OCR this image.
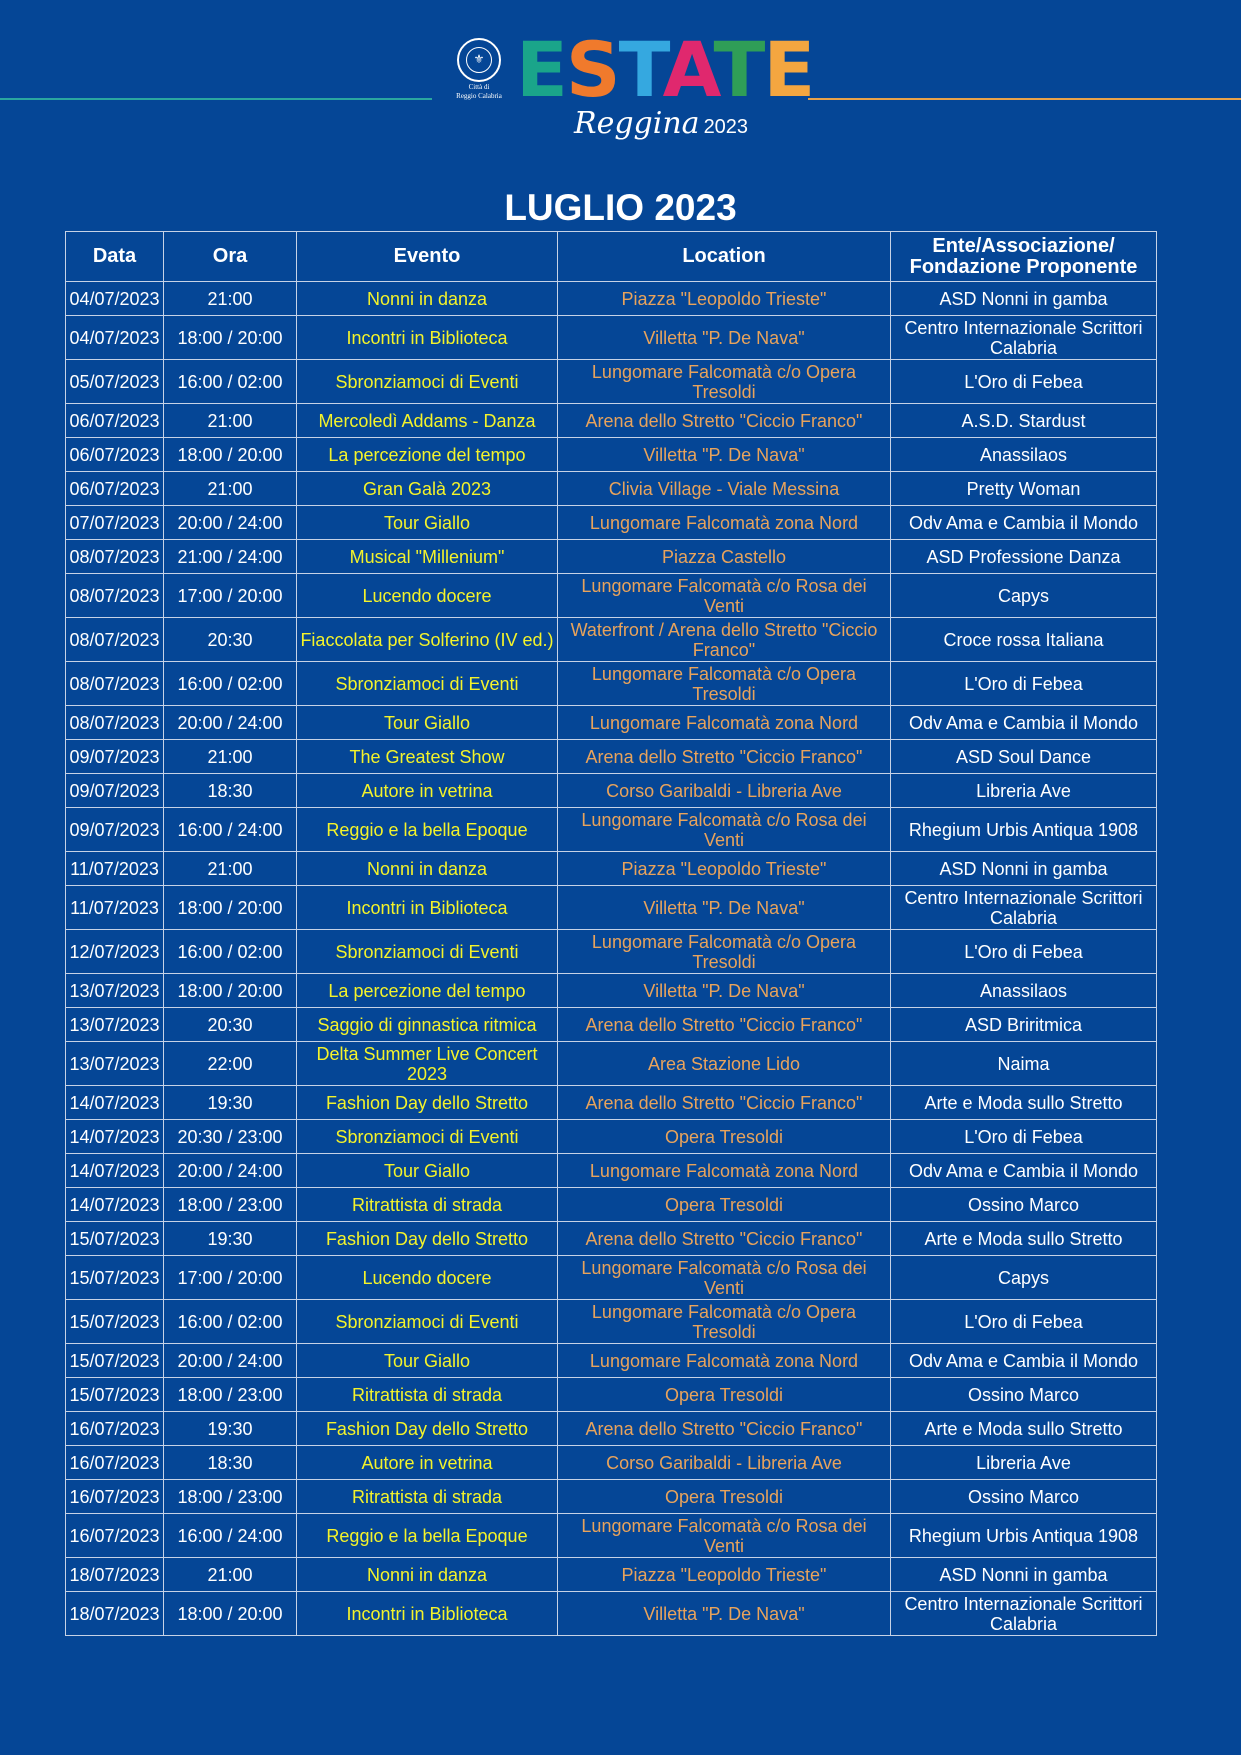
⚜
Città di
Reggio Calabria ESTATE
Reggina 2023
LUGLIO 2023
Data	Ora	Evento	Location	Ente/Associazione/ Fondazione Proponente
04/07/2023	21:00	Nonni in danza	Piazza "Leopoldo Trieste"	ASD Nonni in gamba
04/07/2023	18:00 / 20:00	Incontri in Biblioteca	Villetta "P. De Nava"	Centro Internazionale Scrittori Calabria
05/07/2023	16:00 / 02:00	Sbronziamoci di Eventi	Lungomare Falcomatà c/o Opera Tresoldi	L'Oro di Febea
06/07/2023	21:00	Mercoledì Addams - Danza	Arena dello Stretto "Ciccio Franco"	A.S.D. Stardust
06/07/2023	18:00 / 20:00	La percezione del tempo	Villetta "P. De Nava"	Anassilaos
06/07/2023	21:00	Gran Galà 2023	Clivia Village - Viale Messina	Pretty Woman
07/07/2023	20:00 / 24:00	Tour Giallo	Lungomare Falcomatà zona Nord	Odv Ama e Cambia il Mondo
08/07/2023	21:00 / 24:00	Musical "Millenium"	Piazza Castello	ASD Professione Danza
08/07/2023	17:00 / 20:00	Lucendo docere	Lungomare Falcomatà c/o Rosa dei Venti	Capys
08/07/2023	20:30	Fiaccolata per Solferino (IV ed.)	Waterfront / Arena dello Stretto "Ciccio Franco"	Croce rossa Italiana
08/07/2023	16:00 / 02:00	Sbronziamoci di Eventi	Lungomare Falcomatà c/o Opera Tresoldi	L'Oro di Febea
08/07/2023	20:00 / 24:00	Tour Giallo	Lungomare Falcomatà zona Nord	Odv Ama e Cambia il Mondo
09/07/2023	21:00	The Greatest Show	Arena dello Stretto "Ciccio Franco"	ASD Soul Dance
09/07/2023	18:30	Autore in vetrina	Corso Garibaldi - Libreria Ave	Libreria Ave
09/07/2023	16:00 / 24:00	Reggio e la bella Epoque	Lungomare Falcomatà c/o Rosa dei Venti	Rhegium Urbis Antiqua 1908
11/07/2023	21:00	Nonni in danza	Piazza "Leopoldo Trieste"	ASD Nonni in gamba
11/07/2023	18:00 / 20:00	Incontri in Biblioteca	Villetta "P. De Nava"	Centro Internazionale Scrittori Calabria
12/07/2023	16:00 / 02:00	Sbronziamoci di Eventi	Lungomare Falcomatà c/o Opera Tresoldi	L'Oro di Febea
13/07/2023	18:00 / 20:00	La percezione del tempo	Villetta "P. De Nava"	Anassilaos
13/07/2023	20:30	Saggio di ginnastica ritmica	Arena dello Stretto "Ciccio Franco"	ASD Briritmica
13/07/2023	22:00	Delta Summer Live Concert 2023	Area Stazione Lido	Naima
14/07/2023	19:30	Fashion Day dello Stretto	Arena dello Stretto "Ciccio Franco"	Arte e Moda sullo Stretto
14/07/2023	20:30 / 23:00	Sbronziamoci di Eventi	Opera Tresoldi	L'Oro di Febea
14/07/2023	20:00 / 24:00	Tour Giallo	Lungomare Falcomatà zona Nord	Odv Ama e Cambia il Mondo
14/07/2023	18:00 / 23:00	Ritrattista di strada	Opera Tresoldi	Ossino Marco
15/07/2023	19:30	Fashion Day dello Stretto	Arena dello Stretto "Ciccio Franco"	Arte e Moda sullo Stretto
15/07/2023	17:00 / 20:00	Lucendo docere	Lungomare Falcomatà c/o Rosa dei Venti	Capys
15/07/2023	16:00 / 02:00	Sbronziamoci di Eventi	Lungomare Falcomatà c/o Opera Tresoldi	L'Oro di Febea
15/07/2023	20:00 / 24:00	Tour Giallo	Lungomare Falcomatà zona Nord	Odv Ama e Cambia il Mondo
15/07/2023	18:00 / 23:00	Ritrattista di strada	Opera Tresoldi	Ossino Marco
16/07/2023	19:30	Fashion Day dello Stretto	Arena dello Stretto "Ciccio Franco"	Arte e Moda sullo Stretto
16/07/2023	18:30	Autore in vetrina	Corso Garibaldi - Libreria Ave	Libreria Ave
16/07/2023	18:00 / 23:00	Ritrattista di strada	Opera Tresoldi	Ossino Marco
16/07/2023	16:00 / 24:00	Reggio e la bella Epoque	Lungomare Falcomatà c/o Rosa dei Venti	Rhegium Urbis Antiqua 1908
18/07/2023	21:00	Nonni in danza	Piazza "Leopoldo Trieste"	ASD Nonni in gamba
18/07/2023	18:00 / 20:00	Incontri in Biblioteca	Villetta "P. De Nava"	Centro Internazionale Scrittori Calabria
